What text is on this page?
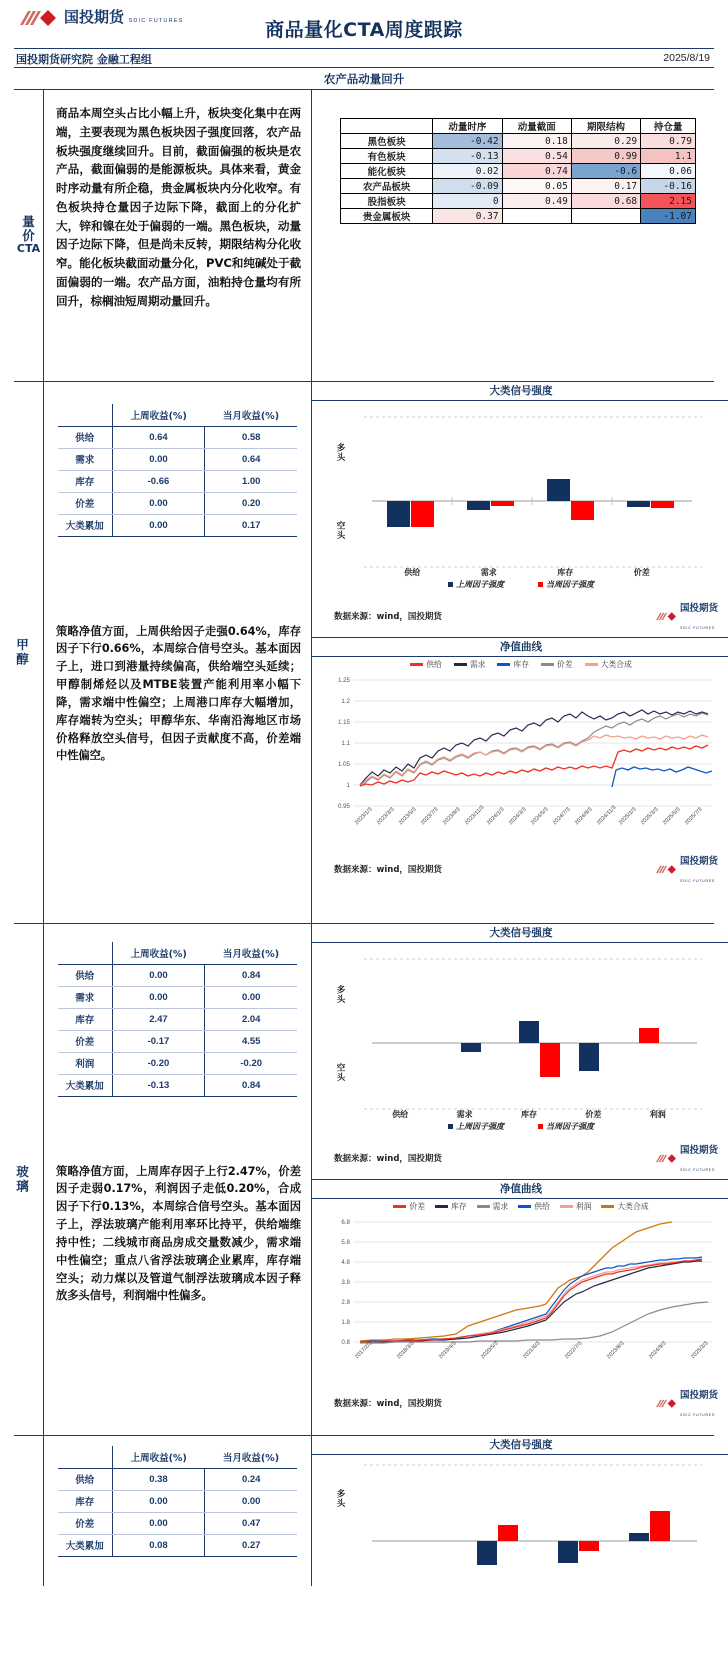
国投期货 SDIC FUTURES	商品量化CTA周度跟踪
国投期货研究院 金融工程组	2025/8/19
农产品动量回升
量
价
CTA
商品本周空头占比小幅上升，板块变化集中在两端，主要表现为黑色板块因子强度回落，农产品板块强度继续回升。目前，截面偏强的板块是农产品，截面偏弱的是能源板块。具体来看，黄金时序动量有所企稳，贵金属板块内分化收窄。有色板块持仓量因子边际下降，截面上的分化扩大，锌和镍在处于偏弱的一端。黑色板块，动量因子边际下降，但是尚未反转，期限结构分化收窄。能化板块截面动量分化，PVC和纯碱处于截面偏弱的一端。农产品方面，油粕持仓量均有所回升，棕榈油短周期动量回升。
	动量时序	动量截面	期限结构	持仓量
黑色板块	-0.42	0.18	0.29	0.79
有色板块	-0.13	0.54	0.99	1.1
能化板块	0.02	0.74	-0.6	0.06
农产品板块	-0.09	0.05	0.17	-0.16
股指板块	0	0.49	0.68	2.15
贵金属板块	0.37			-1.07
甲醇
	上周收益(%)	当月收益(%)
供给	0.64	0.58
需求	0.00	0.64
库存	-0.66	1.00
价差	0.00	0.20
大类累加	0.00	0.17
策略净值方面，上周供给因子走强0.64%，库存因子下行0.66%，本周综合信号空头。基本面因子上，进口到港量持续偏高，供给端空头延续；甲醇制烯烃以及MTBE装置产能利用率小幅下降，需求端中性偏空；上周港口库存大幅增加，库存端转为空头；甲醇华东、华南沿海地区市场价格释放空头信号，但因子贡献度不高，价差端中性偏空。
大类信号强度
多头
空头
供给	需求	库存	价差
上周因子强度	当周因子强度
数据来源：wind，国投期货
国投期货
SDIC FUTURES
净值曲线
供给	需求	库存	价差	大类合成
1.25
1.2
1.15
1.1
1.05
1
0.95
2023/1/3 2023/3/3 2023/5/3 2023/7/3 2023/9/3 2023/11/3 2024/1/3 2024/3/3 2024/5/3 2024/7/3 2024/9/3 2024/11/3 2025/1/3 2025/3/3 2025/5/3 2025/7/3
数据来源：wind，国投期货
国投期货
SDIC FUTURES
玻璃
	上周收益(%)	当月收益(%)
供给	0.00	0.84
需求	0.00	0.00
库存	2.47	2.04
价差	-0.17	4.55
利润	-0.20	-0.20
大类累加	-0.13	0.84
策略净值方面，上周库存因子上行2.47%，价差因子走弱0.17%，利润因子走低0.20%，合成因子下行0.13%，本周综合信号空头。基本面因子上，浮法玻璃产能利用率环比持平，供给端维持中性；二线城市商品房成交量数减少，需求端中性偏空；重点八省浮法玻璃企业累库，库存端空头；动力煤以及管道气制浮法玻璃成本因子释放多头信号，利润端中性偏多。
大类信号强度
多头
空头
供给	需求	库存	价差	利润
上周因子强度	当周因子强度
数据来源：wind，国投期货
国投期货
SDIC FUTURES
净值曲线
价差	库存	需求	供给	利润	大类合成
6.8
5.8
4.8
3.8
2.8
1.8
0.8 2017/2/3	2018/3/3	2019/4/3	2020/5/3	2021/6/3	2022/7/3	2023/8/3	2024/9/3	2025/3/3
数据来源：wind，国投期货
国投期货
SDIC FUTURES
	上周收益(%)	当月收益(%)
供给	0.38	0.24
库存	0.00	0.00
价差	0.00	0.47
大类累加	0.08	0.27
大类信号强度
多头
